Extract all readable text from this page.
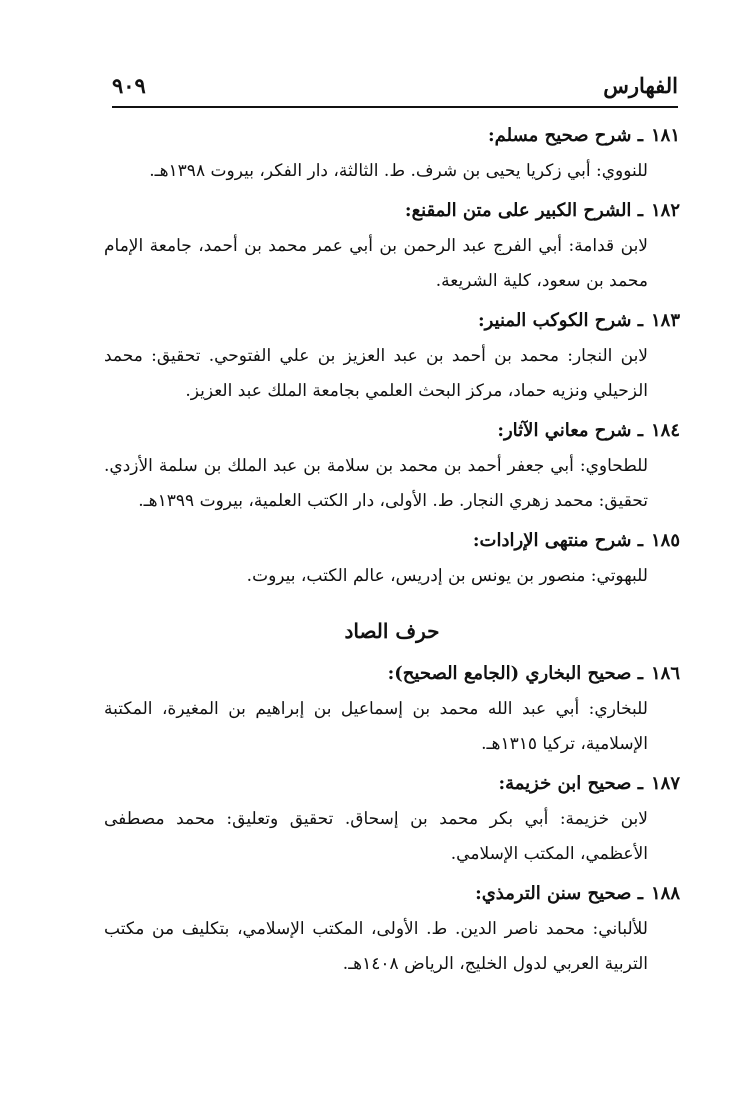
الفهارس
٩٠٩
١٨١ـ شرح صحيح مسلم:
للنووي: أبي زكريا يحيى بن شرف. ط. الثالثة، دار الفكر، بيروت ١٣٩٨هـ.
١٨٢ـ الشرح الكبير على متن المقنع:
لابن قدامة: أبي الفرج عبد الرحمن بن أبي عمر محمد بن أحمد، جامعة الإمام محمد بن سعود، كلية الشريعة.
١٨٣ـ شرح الكوكب المنير:
لابن النجار: محمد بن أحمد بن عبد العزيز بن علي الفتوحي. تحقيق: محمد الزحيلي ونزيه حماد، مركز البحث العلمي بجامعة الملك عبد العزيز.
١٨٤ـ شرح معاني الآثار:
للطحاوي: أبي جعفر أحمد بن محمد بن سلامة بن عبد الملك بن سلمة الأزدي. تحقيق: محمد زهري النجار. ط. الأولى، دار الكتب العلمية، بيروت ١٣٩٩هـ.
١٨٥ـ شرح منتهى الإرادات:
للبهوتي: منصور بن يونس بن إدريس، عالم الكتب، بيروت.
حرف الصاد
١٨٦ـ صحيح البخاري (الجامع الصحيح):
للبخاري: أبي عبد الله محمد بن إسماعيل بن إبراهيم بن المغيرة، المكتبة الإسلامية، تركيا ١٣١٥هـ.
١٨٧ـ صحيح ابن خزيمة:
لابن خزيمة: أبي بكر محمد بن إسحاق. تحقيق وتعليق: محمد مصطفى الأعظمي، المكتب الإسلامي.
١٨٨ـ صحيح سنن الترمذي:
للألباني: محمد ناصر الدين. ط. الأولى، المكتب الإسلامي، بتكليف من مكتب التربية العربي لدول الخليج، الرياض ١٤٠٨هـ.
